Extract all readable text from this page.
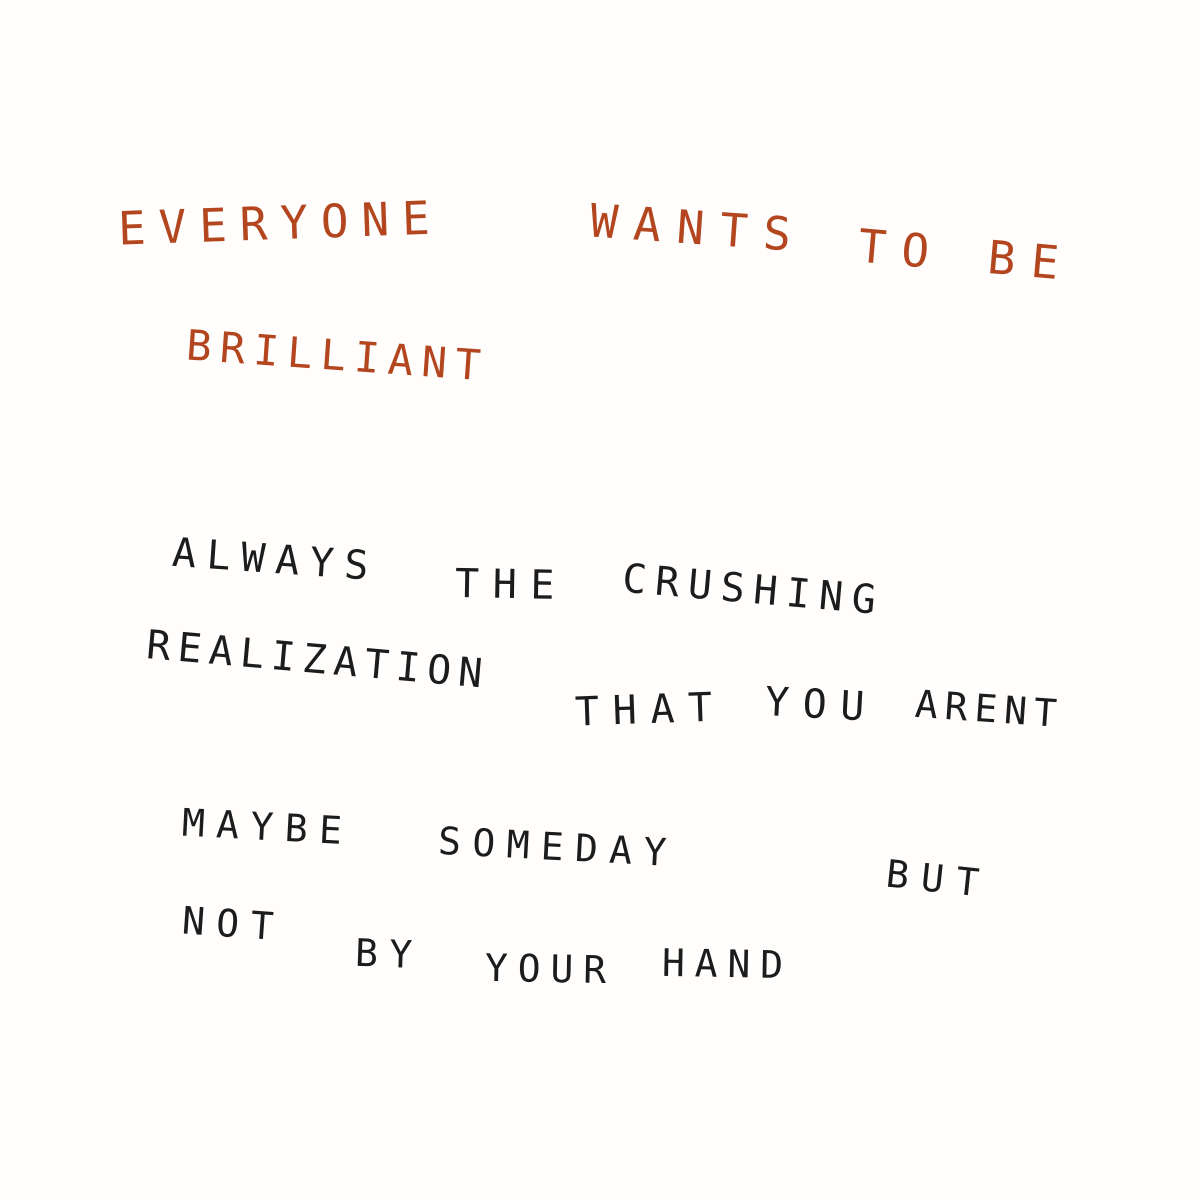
EVERYONE	WANTS TO BE

BRILLIANT

ALWAYS THE CRUSHING

REALIZATION

THAT YOU ARENT

MAYBE SOMEDAY

BUT

NOT

BY YOUR HAND
